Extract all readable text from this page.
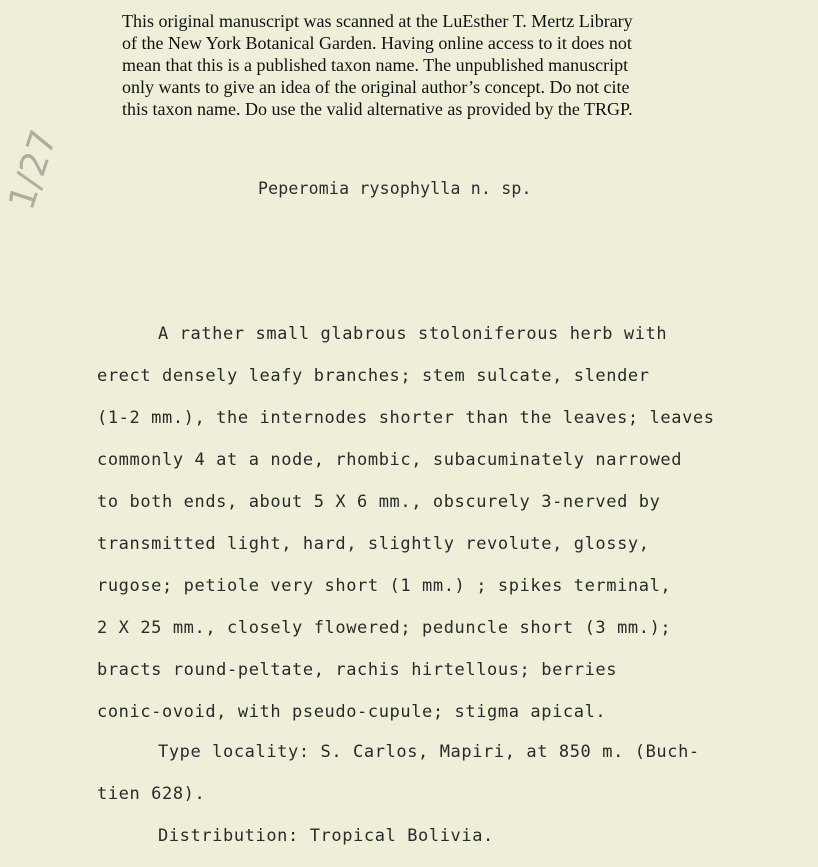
This original manuscript was scanned at the LuEsther T. Mertz Library
of the New York Botanical Garden. Having online access to it does not
mean that this is a published taxon name. The unpublished manuscript
only wants to give an idea of the original author’s concept. Do not cite
this taxon name. Do use the valid alternative as provided by the TRGP.
1/27	Peperomia rysophylla n. sp.
A rather small glabrous stoloniferous herb with
erect densely leafy branches; stem sulcate, slender
(1-2 mm.), the internodes shorter than the leaves; leaves
commonly 4 at a node, rhombic, subacuminately narrowed
to both ends, about 5 X 6 mm., obscurely 3-nerved by
transmitted light, hard, slightly revolute, glossy,
rugose; petiole very short (1 mm.) ; spikes terminal,
2 X 25 mm., closely flowered; peduncle short (3 mm.);
bracts round-peltate, rachis hirtellous; berries
conic-ovoid, with pseudo-cupule; stigma apical.
Type locality: S. Carlos, Mapiri, at 850 m. (Buch-
tien 628).
Distribution: Tropical Bolivia.
